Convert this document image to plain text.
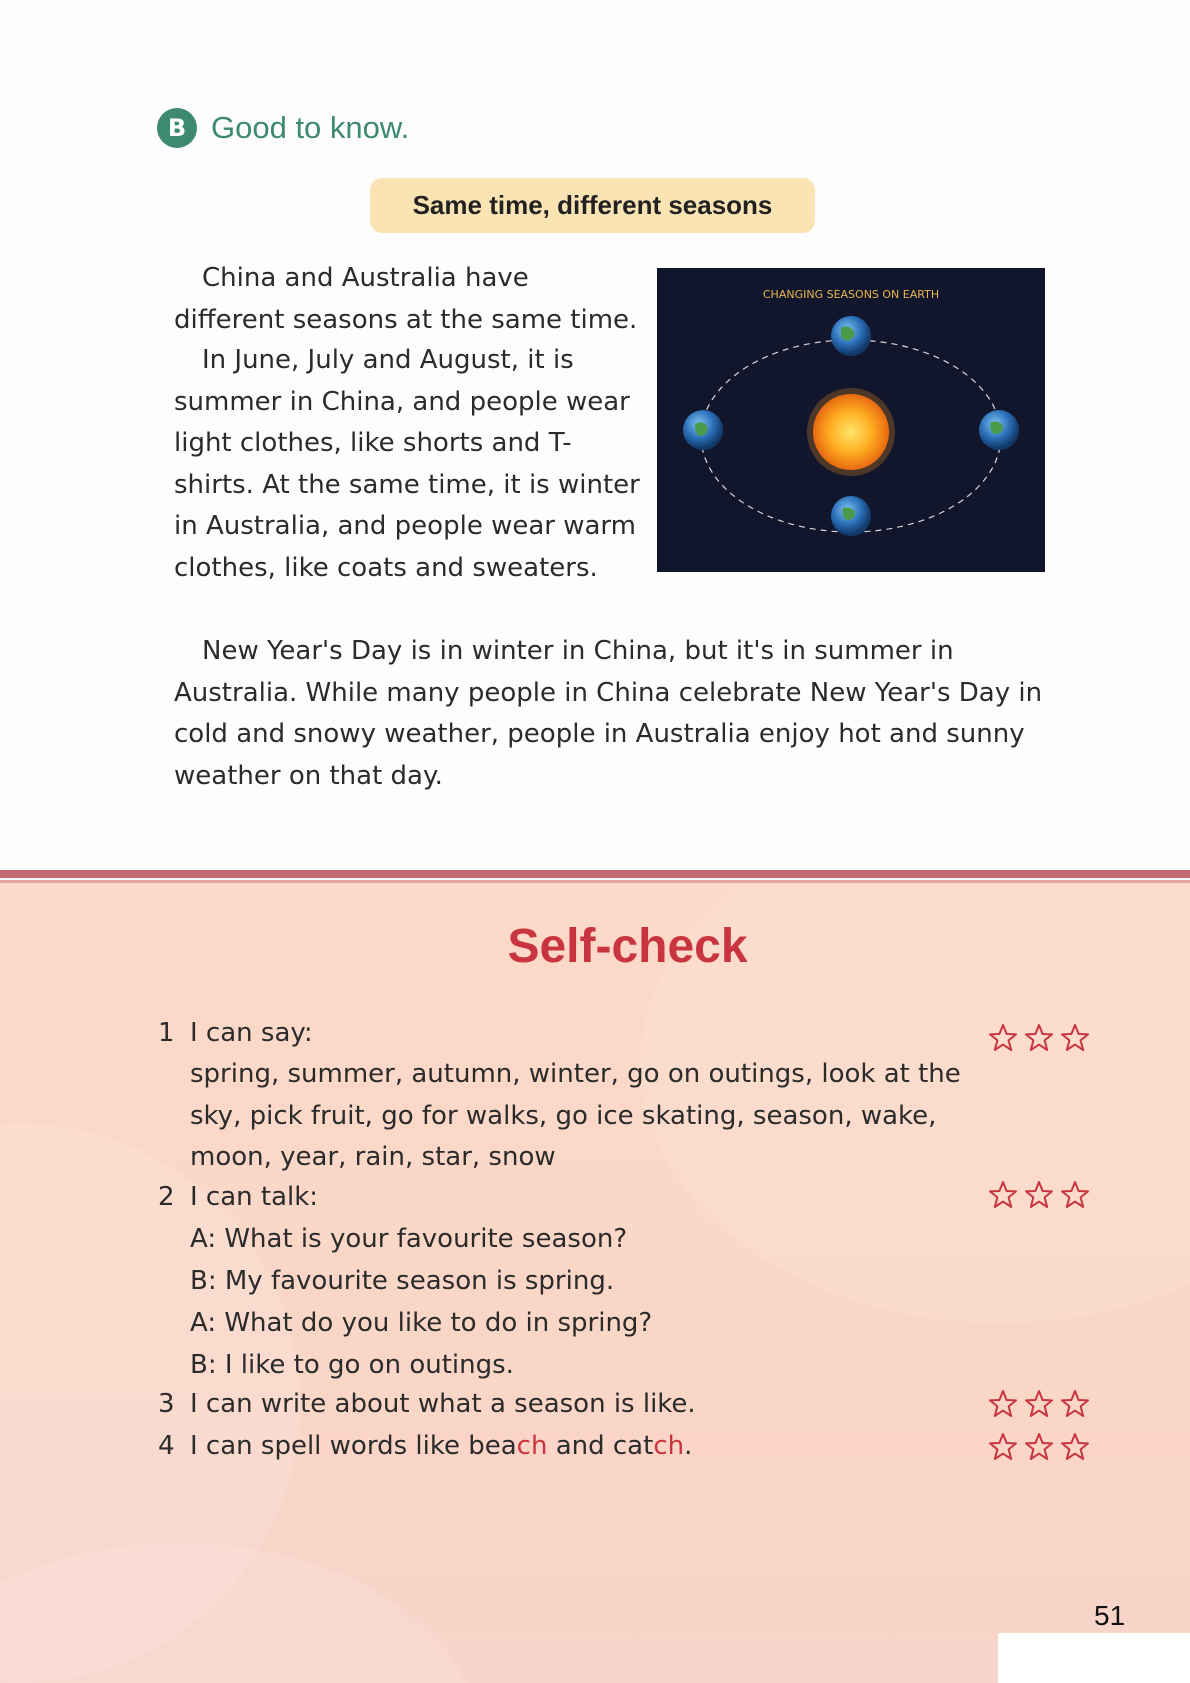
B Good to know.
Same time, different seasons
China and Australia have different seasons at the same time.
In June, July and August, it is summer in China, and people wear light clothes, like shorts and T-shirts. At the same time, it is winter in Australia, and people wear warm clothes, like coats and sweaters.
New Year's Day is in winter in China, but it's in summer in Australia. While many people in China celebrate New Year's Day in cold and snowy weather, people in Australia enjoy hot and sunny weather on that day.
CHANGING SEASONS ON EARTH
Self-check
1 I can say:
spring, summer, autumn, winter, go on outings, look at the sky, pick fruit, go for walks, go ice skating, season, wake, moon, year, rain, star, snow
2 I can talk:
A: What is your favourite season?
B: My favourite season is spring.
A: What do you like to do in spring?
B: I like to go on outings.
3 I can write about what a season is like.
4 I can spell words like beach and catch.
51
